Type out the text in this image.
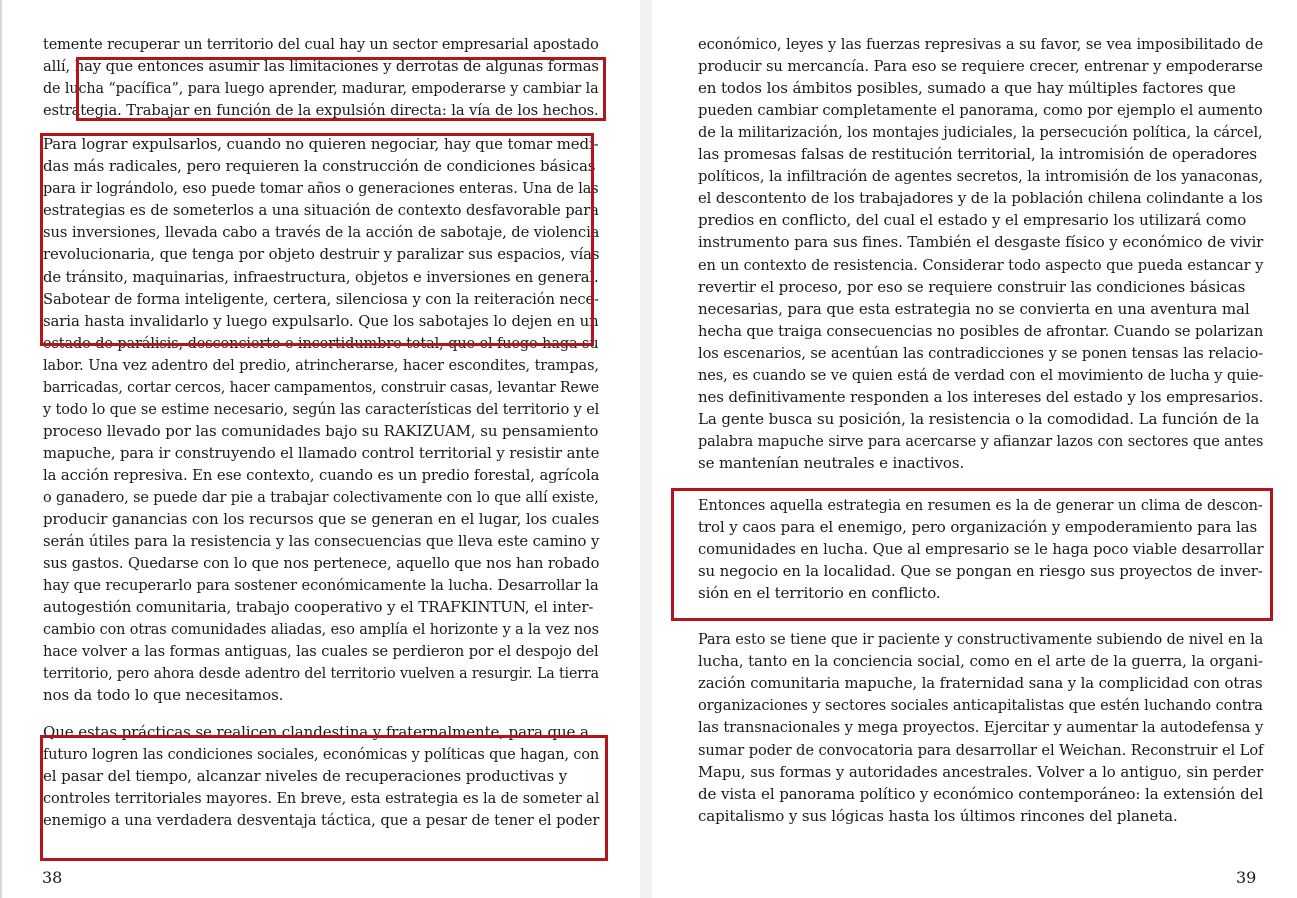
temente recuperar un territorio del cual hay un sector empresarial apostado
allí, hay que entonces asumir las limitaciones y derrotas de algunas formas
de lucha “pacífica”, para luego aprender, madurar, empoderarse y cambiar la
estrategia. Trabajar en función de la expulsión directa: la vía de los hechos.
Para lograr expulsarlos, cuando no quieren negociar, hay que tomar medi-
das más radicales, pero requieren la construcción de condiciones básicas
para ir lográndolo, eso puede tomar años o generaciones enteras. Una de las
estrategias es de someterlos a una situación de contexto desfavorable para
sus inversiones, llevada cabo a través de la acción de sabotaje, de violencia
revolucionaria, que tenga por objeto destruir y paralizar sus espacios, vías
de tránsito, maquinarias, infraestructura, objetos e inversiones en general.
Sabotear de forma inteligente, certera, silenciosa y con la reiteración nece-
saria hasta invalidarlo y luego expulsarlo. Que los sabotajes lo dejen en un
estado de parálisis, desconcierto e incertidumbre total, que el fuego haga su
labor. Una vez adentro del predio, atrincherarse, hacer escondites, trampas,
barricadas, cortar cercos, hacer campamentos, construir casas, levantar Rewe
y todo lo que se estime necesario, según las características del territorio y el
proceso llevado por las comunidades bajo su RAKIZUAM, su pensamiento
mapuche, para ir construyendo el llamado control territorial y resistir ante
la acción represiva. En ese contexto, cuando es un predio forestal, agrícola
o ganadero, se puede dar pie a trabajar colectivamente con lo que allí existe,
producir ganancias con los recursos que se generan en el lugar, los cuales
serán útiles para la resistencia y las consecuencias que lleva este camino y
sus gastos. Quedarse con lo que nos pertenece, aquello que nos han robado
hay que recuperarlo para sostener económicamente la lucha. Desarrollar la
autogestión comunitaria, trabajo cooperativo y el TRAFKINTUN, el inter-
cambio con otras comunidades aliadas, eso amplía el horizonte y a la vez nos
hace volver a las formas antiguas, las cuales se perdieron por el despojo del
territorio, pero ahora desde adentro del territorio vuelven a resurgir. La tierra
nos da todo lo que necesitamos.
Que estas prácticas se realicen clandestina y fraternalmente, para que a
futuro logren las condiciones sociales, económicas y políticas que hagan, con
el pasar del tiempo, alcanzar niveles de recuperaciones productivas y
controles territoriales mayores. En breve, esta estrategia es la de someter al
enemigo a una verdadera desventaja táctica, que a pesar de tener el poder
38
económico, leyes y las fuerzas represivas a su favor, se vea imposibilitado de
producir su mercancía. Para eso se requiere crecer, entrenar y empoderarse
en todos los ámbitos posibles, sumado a que hay múltiples factores que
pueden cambiar completamente el panorama, como por ejemplo el aumento
de la militarización, los montajes judiciales, la persecución política, la cárcel,
las promesas falsas de restitución territorial, la intromisión de operadores
políticos, la infiltración de agentes secretos, la intromisión de los yanaconas,
el descontento de los trabajadores y de la población chilena colindante a los
predios en conflicto, del cual el estado y el empresario los utilizará como
instrumento para sus fines. También el desgaste físico y económico de vivir
en un contexto de resistencia. Considerar todo aspecto que pueda estancar y
revertir el proceso, por eso se requiere construir las condiciones básicas
necesarias, para que esta estrategia no se convierta en una aventura mal
hecha que traiga consecuencias no posibles de afrontar. Cuando se polarizan
los escenarios, se acentúan las contradicciones y se ponen tensas las relacio-
nes, es cuando se ve quien está de verdad con el movimiento de lucha y quie-
nes definitivamente responden a los intereses del estado y los empresarios.
La gente busca su posición, la resistencia o la comodidad. La función de la
palabra mapuche sirve para acercarse y afianzar lazos con sectores que antes
se mantenían neutrales e inactivos.
Entonces aquella estrategia en resumen es la de generar un clima de descon-
trol y caos para el enemigo, pero organización y empoderamiento para las
comunidades en lucha. Que al empresario se le haga poco viable desarrollar
su negocio en la localidad. Que se pongan en riesgo sus proyectos de inver-
sión en el territorio en conflicto.
Para esto se tiene que ir paciente y constructivamente subiendo de nivel en la
lucha, tanto en la conciencia social, como en el arte de la guerra, la organi-
zación comunitaria mapuche, la fraternidad sana y la complicidad con otras
organizaciones y sectores sociales anticapitalistas que estén luchando contra
las transnacionales y mega proyectos. Ejercitar y aumentar la autodefensa y
sumar poder de convocatoria para desarrollar el Weichan. Reconstruir el Lof
Mapu, sus formas y autoridades ancestrales. Volver a lo antiguo, sin perder
de vista el panorama político y económico contemporáneo: la extensión del
capitalismo y sus lógicas hasta los últimos rincones del planeta.
39
